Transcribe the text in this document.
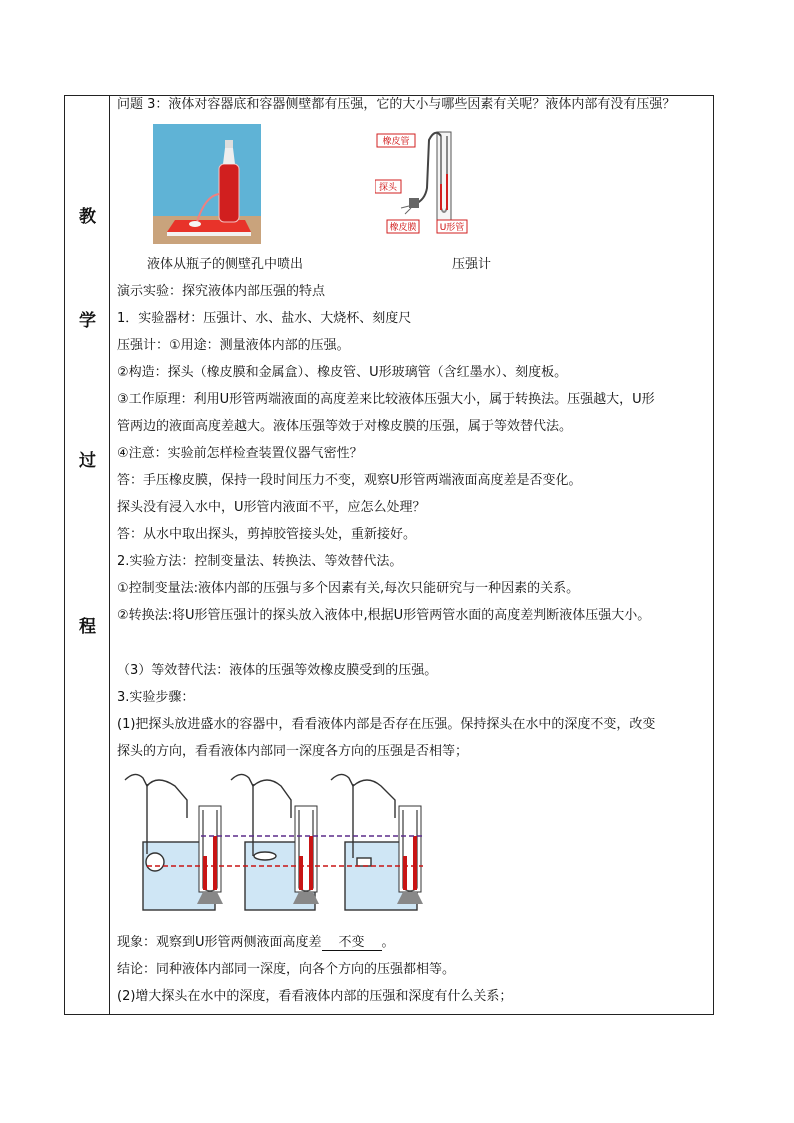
教
学
过
程
问题 3：液体对容器底和容器侧壁都有压强，它的大小与哪些因素有关呢？液体内部有没有压强？
橡皮管
探头
橡皮膜	U形管
液体从瓶子的侧壁孔中喷出	压强计
演示实验：探究液体内部压强的特点
1．实验器材：压强计、水、盐水、大烧杯、刻度尺
压强计：①用途：测量液体内部的压强。
②构造：探头（橡皮膜和金属盒）、橡皮管、U形玻璃管（含红墨水）、刻度板。
③工作原理：利用U形管两端液面的高度差来比较液体压强大小，属于转换法。压强越大，U形
管两边的液面高度差越大。液体压强等效于对橡皮膜的压强，属于等效替代法。
④注意：实验前怎样检查装置仪器气密性？
答：手压橡皮膜，保持一段时间压力不变，观察U形管两端液面高度差是否变化。
探头没有浸入水中，U形管内液面不平，应怎么处理？
答：从水中取出探头，剪掉胶管接头处，重新接好。
2.实验方法：控制变量法、转换法、等效替代法。
①控制变量法:液体内部的压强与多个因素有关,每次只能研究与一种因素的关系。
②转换法:将U形管压强计的探头放入液体中,根据U形管两管水面的高度差判断液体压强大小。
（3）等效替代法：液体的压强等效橡皮膜受到的压强。
3.实验步骤：
(1)把探头放进盛水的容器中，看看液体内部是否存在压强。保持探头在水中的深度不变，改变
探头的方向，看看液体内部同一深度各方向的压强是否相等；
现象：观察到U形管两侧液面高度差 不变 。
结论：同种液体内部同一深度，向各个方向的压强都相等。
(2)增大探头在水中的深度，看看液体内部的压强和深度有什么关系；
